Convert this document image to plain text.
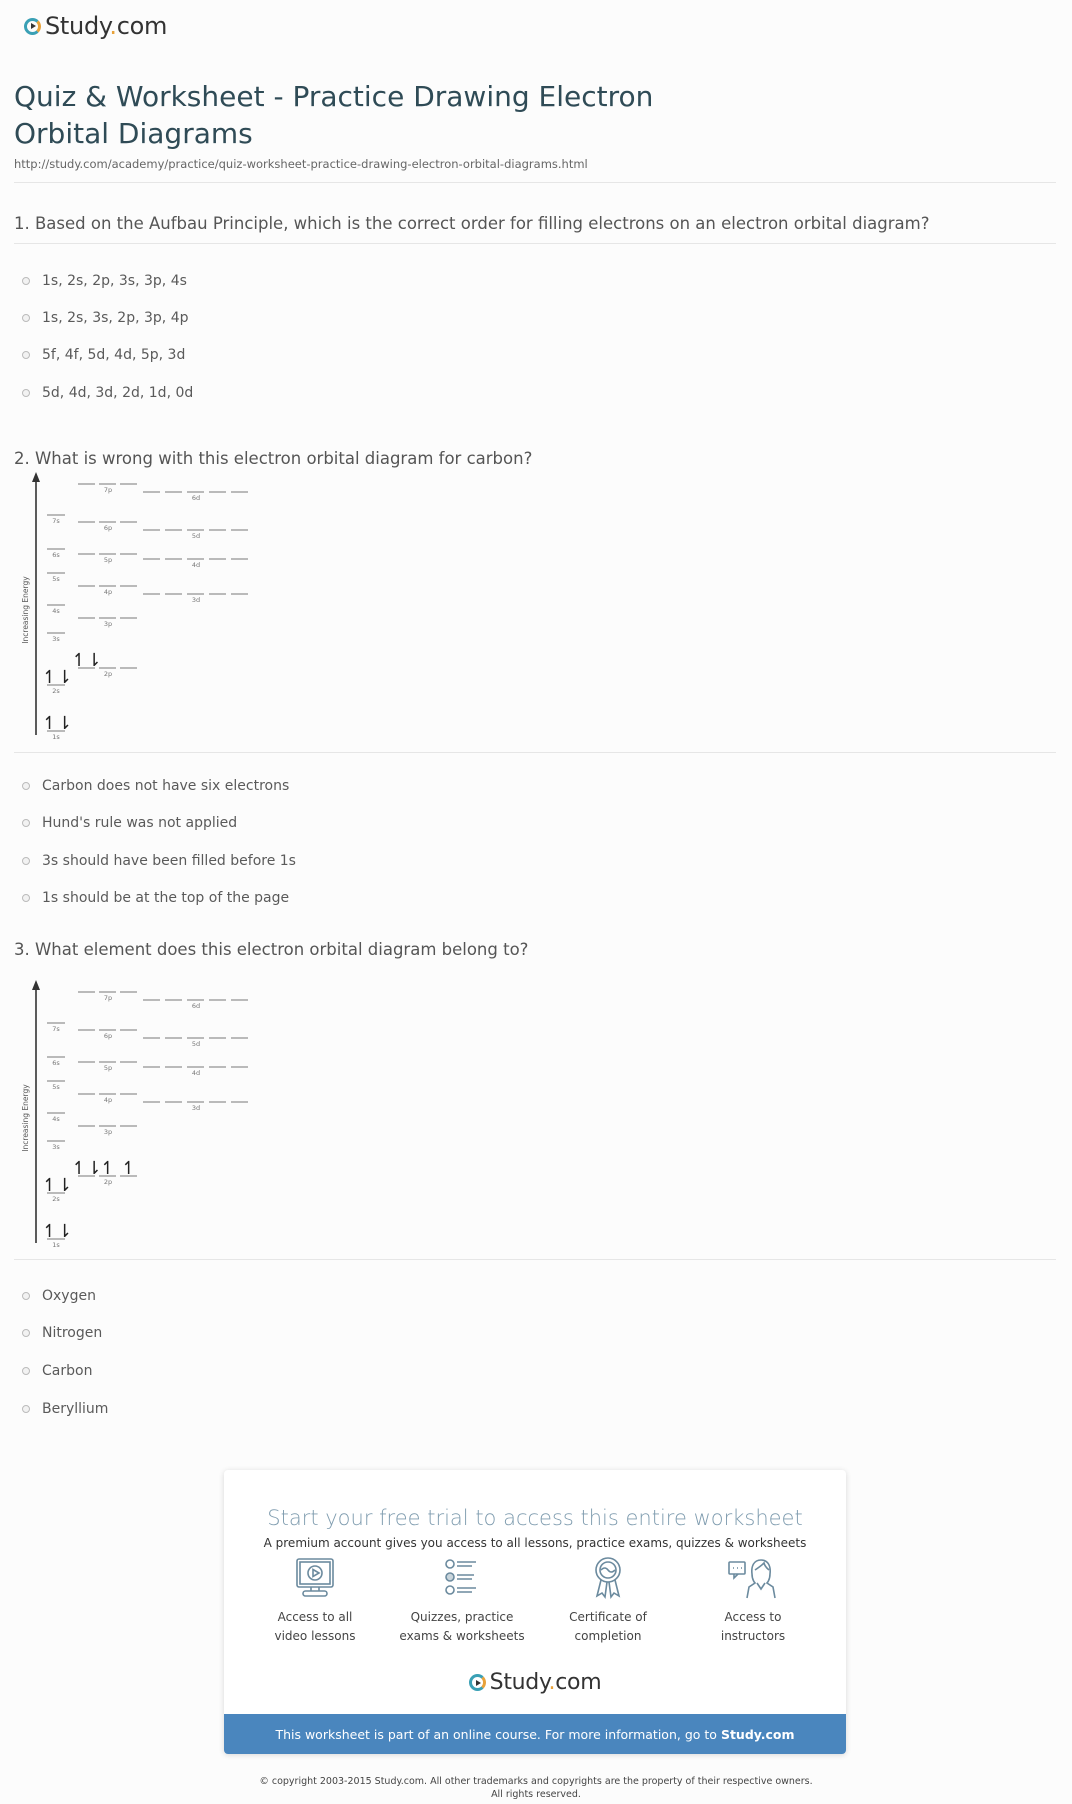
Study.com
Quiz & Worksheet - Practice Drawing Electron Orbital Diagrams
http://study.com/academy/practice/quiz-worksheet-practice-drawing-electron-orbital-diagrams.html
1. Based on the Aufbau Principle, which is the correct order for filling electrons on an electron orbital diagram?
2. What is wrong with this electron orbital diagram for carbon?
Increasing Energy
7s
6s
5s
4s
3s
2s
↿⇂
1s
↿⇂
7p
6p
5p
4p
3p
↿⇂
2p
6d
5d
4d
3d
3. What element does this electron orbital diagram belong to?
Increasing Energy
7s
6s
5s
4s
3s
2s
↿⇂
1s
↿⇂
7p
6p
5p
4p
3p
↿⇂
↿ ↿
2p
6d
5d
4d
3d
1s, 2s, 2p, 3s, 3p, 4s
1s, 2s, 3s, 2p, 3p, 4p
5f, 4f, 5d, 4d, 5p, 3d
5d, 4d, 3d, 2d, 1d, 0d
Carbon does not have six electrons
Hund's rule was not applied
3s should have been filled before 1s
1s should be at the top of the page
Oxygen
Nitrogen
Carbon
Beryllium
Start your free trial to access this entire worksheet
A premium account gives you access to all lessons, practice exams, quizzes & worksheets
Access to all
video lessons
Quizzes, practice
exams & worksheets
Certificate of
completion
Access to
instructors
Study.com
This worksheet is part of an online course. For more information, go to Study.com
© copyright 2003-2015 Study.com. All other trademarks and copyrights are the property of their respective owners.
All rights reserved.
